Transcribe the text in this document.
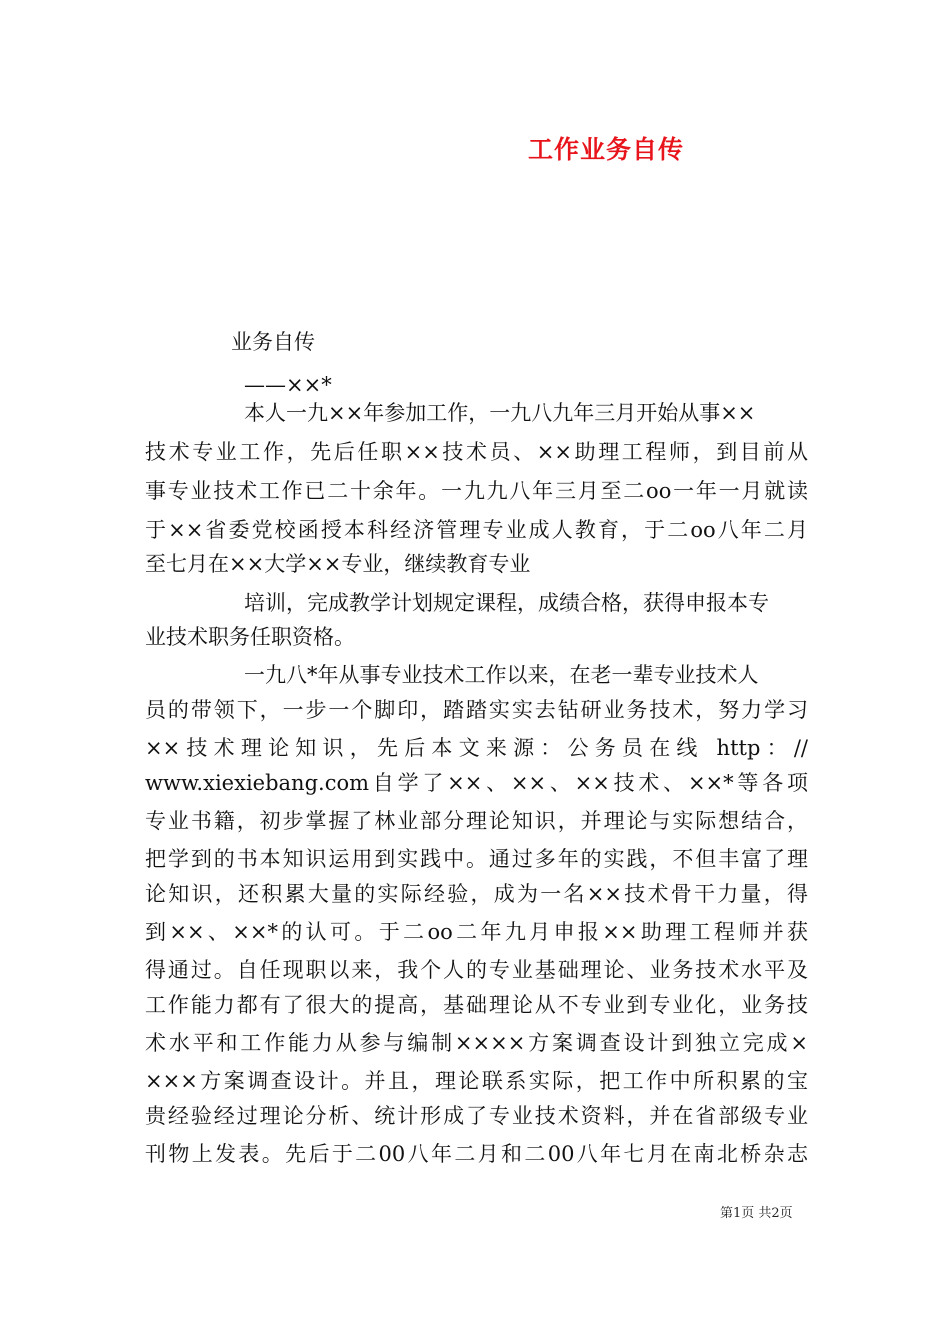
工作业务自传
业务自传
——××*
本人一九××年参加工作，一九八九年三月开始从事××
技术专业工作，先后任职××技术员、××助理工程师，到目前从
事专业技术工作已二十余年。一九九八年三月至二oo一年一月就读
于××省委党校函授本科经济管理专业成人教育，于二oo八年二月
至七月在××大学××专业，继续教育专业
培训，完成教学计划规定课程，成绩合格，获得申报本专
业技术职务任职资格。
一九八*年从事专业技术工作以来，在老一辈专业技术人
员的带领下，一步一个脚印，踏踏实实去钻研业务技术，努力学习
××技术理论知识，先后本文来源：公务员在线 http：//
www.xiexiebang.com自学了××、××、××技术、××*等各项
专业书籍，初步掌握了林业部分理论知识，并理论与实际想结合，
把学到的书本知识运用到实践中。通过多年的实践，不但丰富了理
论知识，还积累大量的实际经验，成为一名××技术骨干力量，得
到××、××*的认可。于二oo二年九月申报××助理工程师并获
得通过。自任现职以来，我个人的专业基础理论、业务技术水平及
工作能力都有了很大的提高，基础理论从不专业到专业化，业务技
术水平和工作能力从参与编制××××方案调查设计到独立完成×
×××方案调查设计。并且，理论联系实际，把工作中所积累的宝
贵经验经过理论分析、统计形成了专业技术资料，并在省部级专业
刊物上发表。先后于二00八年二月和二00八年七月在南北桥杂志
第1页 共2页
